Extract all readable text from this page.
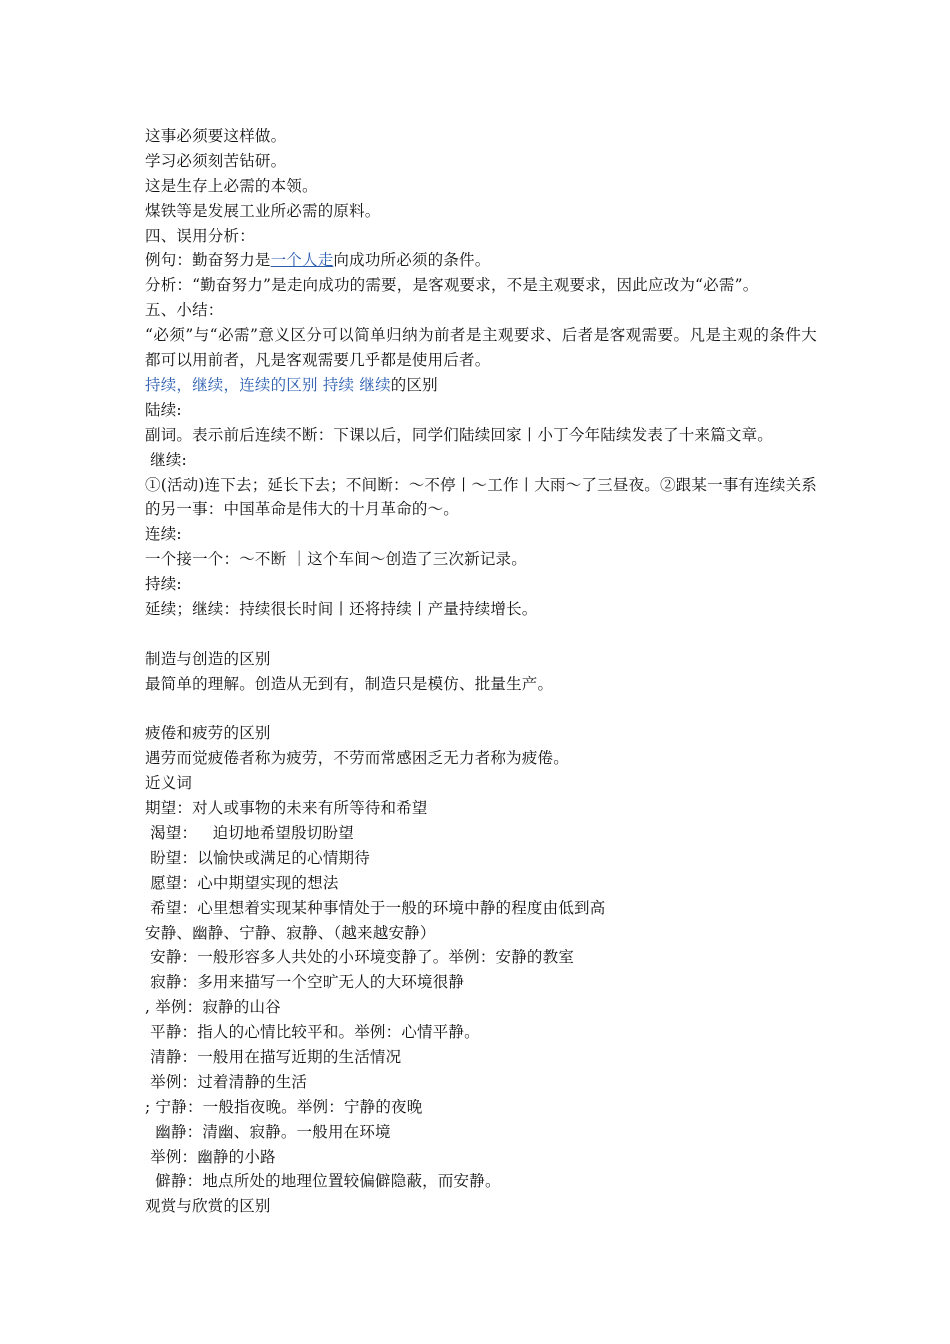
这事必须要这样做。
学习必须刻苦钻研。
这是生存上必需的本领。
煤铁等是发展工业所必需的原料。
四、误用分析：
例句：勤奋努力是一个人走向成功所必须的条件。
分析：“勤奋努力”是走向成功的需要，是客观要求，不是主观要求，因此应改为“必需”。
五、小结：
“必须”与“必需”意义区分可以简单归纳为前者是主观要求、后者是客观需要。凡是主观的条件大都可以用前者，凡是客观需要几乎都是使用后者。
持续，继续，连续的区别 持续 继续的区别
陆续:
副词。表示前后连续不断：下课以后，同学们陆续回家丨小丁今年陆续发表了十来篇文章。
继续:
①(活动)连下去；延长下去；不间断：～不停丨～工作丨大雨～了三昼夜。②跟某一事有连续关系的另一事：中国革命是伟大的十月革命的～。
连续:
一个接一个：～不断 ｜这个车间～创造了三次新记录。
持续:
延续；继续：持续很长时间丨还将持续丨产量持续增长。
制造与创造的区别
最简单的理解。创造从无到有，制造只是模仿、批量生产。
疲倦和疲劳的区别
遇劳而觉疲倦者称为疲劳，不劳而常感困乏无力者称为疲倦。
近义词
期望：对人或事物的未来有所等待和希望
渴望：   迫切地希望殷切盼望
盼望：以愉快或满足的心情期待
愿望：心中期望实现的想法
希望：心里想着实现某种事情处于一般的环境中静的程度由低到高
安静、幽静、宁静、寂静、（越来越安静）
安静：一般形容多人共处的小环境变静了。举例：安静的教室
寂静：多用来描写一个空旷无人的大环境很静
, 举例：寂静的山谷
平静：指人的心情比较平和。举例：心情平静。
清静：一般用在描写近期的生活情况
举例：过着清静的生活
; 宁静：一般指夜晚。举例：宁静的夜晚
幽静：清幽、寂静。一般用在环境
举例：幽静的小路
僻静：地点所处的地理位置较偏僻隐蔽，而安静。
观赏与欣赏的区别
